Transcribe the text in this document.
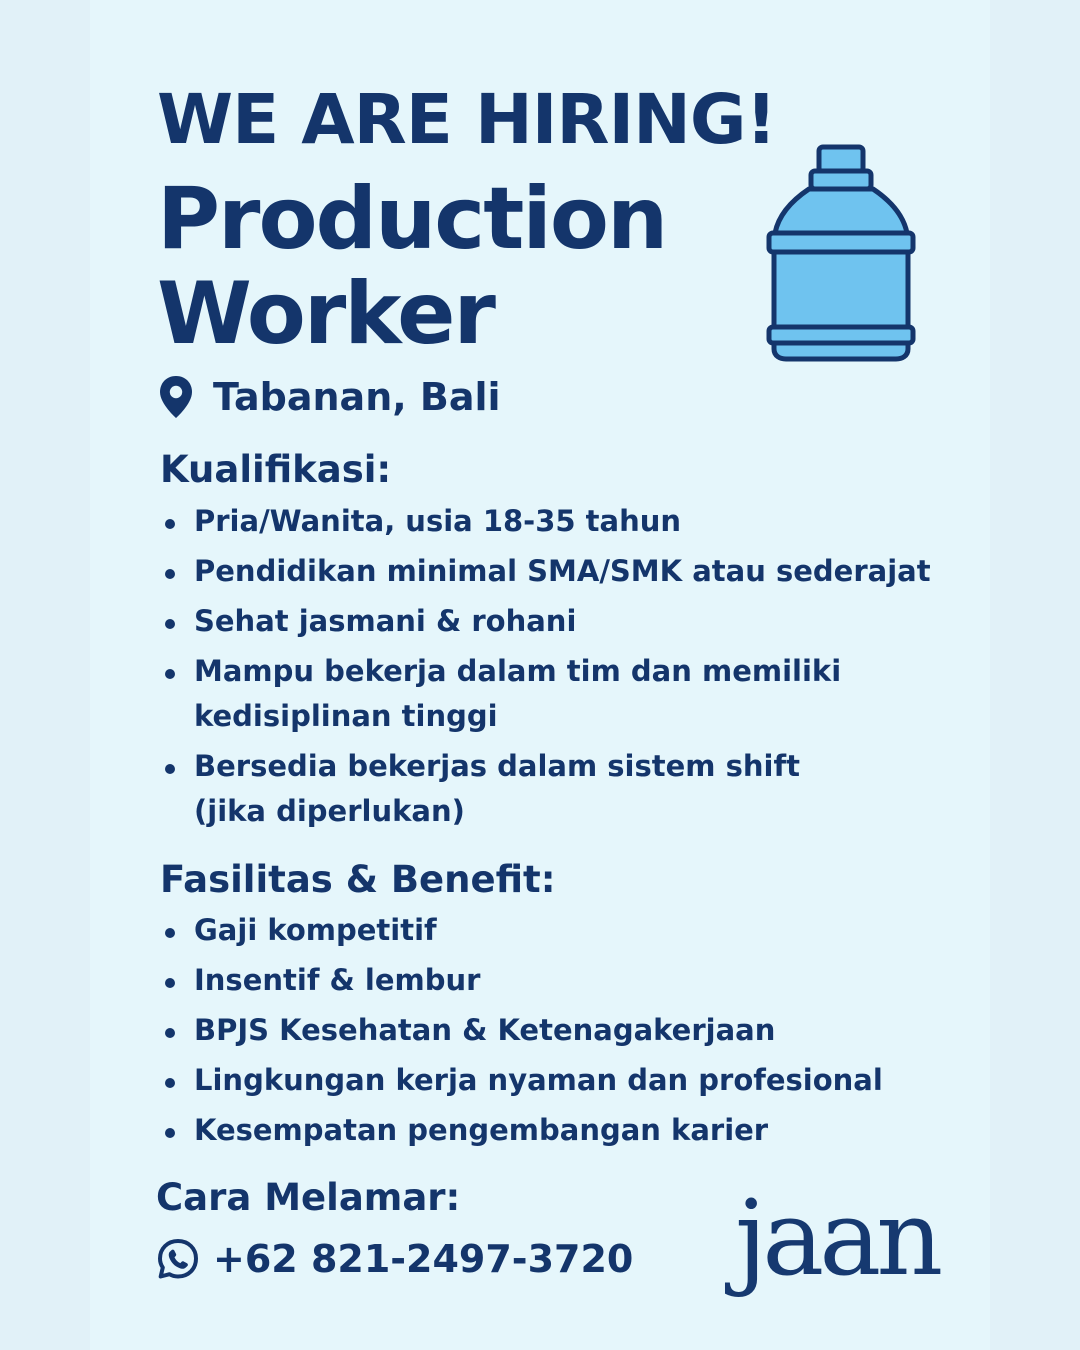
WE ARE HIRING!
Production
Worker
Tabanan, Bali
Kualifikasi:
Pria/Wanita, usia 18-35 tahun
Pendidikan minimal SMA/SMK atau sederajat
Sehat jasmani & rohani
Mampu bekerja dalam tim dan memiliki
kedisiplinan tinggi
Bersedia bekerjas dalam sistem shift
(jika diperlukan)
Fasilitas & Benefit:
Gaji kompetitif
Insentif & lembur
BPJS Kesehatan & Ketenagakerjaan
Lingkungan kerja nyaman dan profesional
Kesempatan pengembangan karier
Cara Melamar:
+62 821-2497-3720 jaan
